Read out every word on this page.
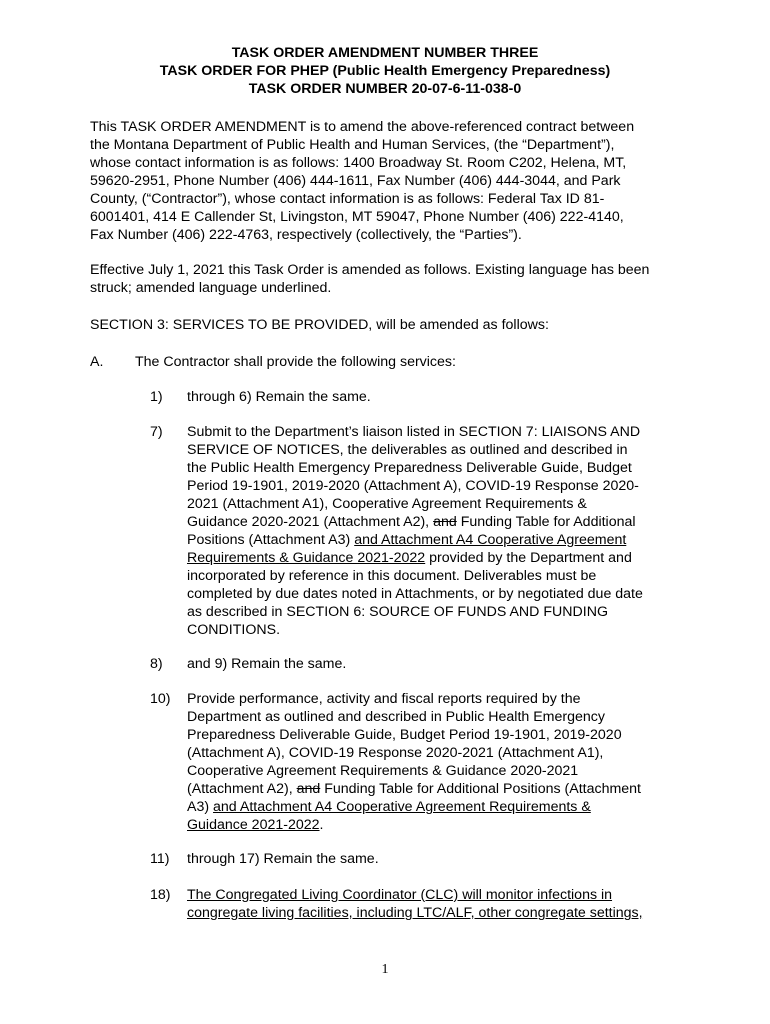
TASK ORDER AMENDMENT NUMBER THREE
TASK ORDER FOR PHEP (Public Health Emergency Preparedness)
TASK ORDER NUMBER 20-07-6-11-038-0
This TASK ORDER AMENDMENT is to amend the above-referenced contract between
the Montana Department of Public Health and Human Services, (the “Department”),
whose contact information is as follows: 1400 Broadway St. Room C202, Helena, MT,
59620-2951, Phone Number (406) 444-1611, Fax Number (406) 444-3044, and Park
County, (“Contractor”), whose contact information is as follows: Federal Tax ID 81-
6001401, 414 E Callender St, Livingston, MT 59047, Phone Number (406) 222-4140,
Fax Number (406) 222-4763, respectively (collectively, the “Parties”).
Effective July 1, 2021 this Task Order is amended as follows. Existing language has been
struck; amended language underlined.
SECTION 3: SERVICES TO BE PROVIDED, will be amended as follows:
A. The Contractor shall provide the following services:
1) through 6) Remain the same.
7) Submit to the Department’s liaison listed in SECTION 7: LIAISONS AND
SERVICE OF NOTICES, the deliverables as outlined and described in
the Public Health Emergency Preparedness Deliverable Guide, Budget
Period 19-1901, 2019-2020 (Attachment A), COVID-19 Response 2020-
2021 (Attachment A1), Cooperative Agreement Requirements &
Guidance 2020-2021 (Attachment A2), and Funding Table for Additional
Positions (Attachment A3) and Attachment A4 Cooperative Agreement
Requirements & Guidance 2021-2022 provided by the Department and
incorporated by reference in this document. Deliverables must be
completed by due dates noted in Attachments, or by negotiated due date
as described in SECTION 6: SOURCE OF FUNDS AND FUNDING
CONDITIONS.
8) and 9) Remain the same.
10) Provide performance, activity and fiscal reports required by the
Department as outlined and described in Public Health Emergency
Preparedness Deliverable Guide, Budget Period 19-1901, 2019-2020
(Attachment A), COVID-19 Response 2020-2021 (Attachment A1),
Cooperative Agreement Requirements & Guidance 2020-2021
(Attachment A2), and Funding Table for Additional Positions (Attachment
A3) and Attachment A4 Cooperative Agreement Requirements &
Guidance 2021-2022.
11) through 17) Remain the same.
18) The Congregated Living Coordinator (CLC) will monitor infections in
congregate living facilities, including LTC/ALF, other congregate settings,
1
